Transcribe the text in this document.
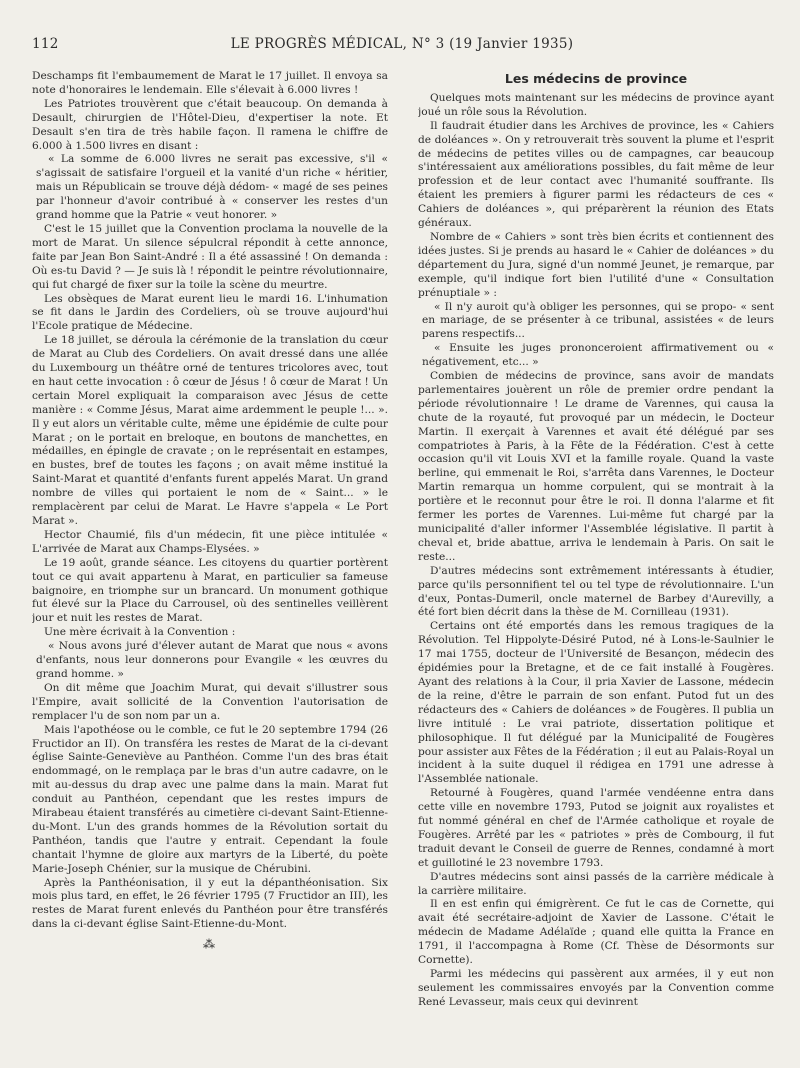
112	LE PROGRÈS MÉDICAL, N° 3 (19 Janvier 1935)

Deschamps fit l'embaumement de Marat le 17 juillet. Il envoya sa note d'honoraires le lendemain. Elle s'élevait à 6.000 livres !

Les Patriotes trouvèrent que c'était beaucoup. On demanda à Desault, chirurgien de l'Hôtel-Dieu, d'expertiser la note. Et Desault s'en tira de très habile façon. Il ramena le chiffre de 6.000 à 1.500 livres en disant :

« La somme de 6.000 livres ne serait pas excessive, s'il « s'agissait de satisfaire l'orgueil et la vanité d'un riche « héritier, mais un Républicain se trouve déjà dédom- « magé de ses peines par l'honneur d'avoir contribué à « conserver les restes d'un grand homme que la Patrie « veut honorer. »

C'est le 15 juillet que la Convention proclama la nouvelle de la mort de Marat. Un silence sépulcral répondit à cette annonce, faite par Jean Bon Saint-André : Il a été assassiné ! On demanda : Où es-tu David ? — Je suis là ! répondit le peintre révolutionnaire, qui fut chargé de fixer sur la toile la scène du meurtre.

Les obsèques de Marat eurent lieu le mardi 16. L'inhumation se fit dans le Jardin des Cordeliers, où se trouve aujourd'hui l'Ecole pratique de Médecine.

Le 18 juillet, se déroula la cérémonie de la translation du cœur de Marat au Club des Cordeliers. On avait dressé dans une allée du Luxembourg un théâtre orné de tentures tricolores avec, tout en haut cette invocation : ô cœur de Jésus ! ô cœur de Marat ! Un certain Morel expliquait la comparaison avec Jésus de cette manière : « Comme Jésus, Marat aime ardemment le peuple !... ». Il y eut alors un véritable culte, même une épidémie de culte pour Marat ; on le portait en breloque, en boutons de manchettes, en médailles, en épingle de cravate ; on le représentait en estampes, en bustes, bref de toutes les façons ; on avait même institué la Saint-Marat et quantité d'enfants furent appelés Marat. Un grand nombre de villes qui portaient le nom de « Saint... » le remplacèrent par celui de Marat. Le Havre s'appela « Le Port Marat ».

Hector Chaumié, fils d'un médecin, fit une pièce intitulée « L'arrivée de Marat aux Champs-Elysées. »

Le 19 août, grande séance. Les citoyens du quartier portèrent tout ce qui avait appartenu à Marat, en particulier sa fameuse baignoire, en triomphe sur un brancard. Un monument gothique fut élevé sur la Place du Carrousel, où des sentinelles veillèrent jour et nuit les restes de Marat.

Une mère écrivait à la Convention :

« Nous avons juré d'élever autant de Marat que nous « avons d'enfants, nous leur donnerons pour Evangile « les œuvres du grand homme. »

On dit même que Joachim Murat, qui devait s'illustrer sous l'Empire, avait sollicité de la Convention l'autorisation de remplacer l'u de son nom par un a.

Mais l'apothéose ou le comble, ce fut le 20 septembre 1794 (26 Fructidor an II). On transféra les restes de Marat de la ci-devant église Sainte-Geneviève au Panthéon. Comme l'un des bras était endommagé, on le remplaça par le bras d'un autre cadavre, on le mit au-dessus du drap avec une palme dans la main. Marat fut conduit au Panthéon, cependant que les restes impurs de Mirabeau étaient transférés au cimetière ci-devant Saint-Etienne-du-Mont. L'un des grands hommes de la Révolution sortait du Panthéon, tandis que l'autre y entrait. Cependant la foule chantait l'hymne de gloire aux martyrs de la Liberté, du poète Marie-Joseph Chénier, sur la musique de Chérubini.

Après la Panthéonisation, il y eut la dépanthéonisation. Six mois plus tard, en effet, le 26 février 1795 (7 Fructidor an III), les restes de Marat furent enlevés du Panthéon pour être transférés dans la ci-devant église Saint-Etienne-du-Mont.

⁂
Les médecins de province

Quelques mots maintenant sur les médecins de province ayant joué un rôle sous la Révolution.

Il faudrait étudier dans les Archives de province, les « Cahiers de doléances ». On y retrouverait très souvent la plume et l'esprit de médecins de petites villes ou de campagnes, car beaucoup s'intéressaient aux améliorations possibles, du fait même de leur profession et de leur contact avec l'humanité souffrante. Ils étaient les premiers à figurer parmi les rédacteurs de ces « Cahiers de doléances », qui préparèrent la réunion des Etats généraux.

Nombre de « Cahiers » sont très bien écrits et contiennent des idées justes. Si je prends au hasard le « Cahier de doléances » du département du Jura, signé d'un nommé Jeunet, je remarque, par exemple, qu'il indique fort bien l'utilité d'une « Consultation prénuptiale » :

« Il n'y auroit qu'à obliger les personnes, qui se propo- « sent en mariage, de se présenter à ce tribunal, assistées « de leurs parens respectifs...

« Ensuite les juges prononceroient affirmativement ou « négativement, etc... »

Combien de médecins de province, sans avoir de mandats parlementaires jouèrent un rôle de premier ordre pendant la période révolutionnaire ! Le drame de Varennes, qui causa la chute de la royauté, fut provoqué par un médecin, le Docteur Martin. Il exerçait à Varennes et avait été délégué par ses compatriotes à Paris, à la Fête de la Fédération. C'est à cette occasion qu'il vit Louis XVI et la famille royale. Quand la vaste berline, qui emmenait le Roi, s'arrêta dans Varennes, le Docteur Martin remarqua un homme corpulent, qui se montrait à la portière et le reconnut pour être le roi. Il donna l'alarme et fit fermer les portes de Varennes. Lui-même fut chargé par la municipalité d'aller informer l'Assemblée législative. Il partit à cheval et, bride abattue, arriva le lendemain à Paris. On sait le reste...

D'autres médecins sont extrêmement intéressants à étudier, parce qu'ils personnifient tel ou tel type de révolutionnaire. L'un d'eux, Pontas-Dumeril, oncle maternel de Barbey d'Aurevilly, a été fort bien décrit dans la thèse de M. Cornilleau (1931).

Certains ont été emportés dans les remous tragiques de la Révolution. Tel Hippolyte-Désiré Putod, né à Lons-le-Saulnier le 17 mai 1755, docteur de l'Université de Besançon, médecin des épidémies pour la Bretagne, et de ce fait installé à Fougères. Ayant des relations à la Cour, il pria Xavier de Lassone, médecin de la reine, d'être le parrain de son enfant. Putod fut un des rédacteurs des « Cahiers de doléances » de Fougères. Il publia un livre intitulé : Le vrai patriote, dissertation politique et philosophique. Il fut délégué par la Municipalité de Fougères pour assister aux Fêtes de la Fédération ; il eut au Palais-Royal un incident à la suite duquel il rédigea en 1791 une adresse à l'Assemblée nationale.

Retourné à Fougères, quand l'armée vendéenne entra dans cette ville en novembre 1793, Putod se joignit aux royalistes et fut nommé général en chef de l'Armée catholique et royale de Fougères. Arrêté par les « patriotes » près de Combourg, il fut traduit devant le Conseil de guerre de Rennes, condamné à mort et guillotiné le 23 novembre 1793.

D'autres médecins sont ainsi passés de la carrière médicale à la carrière militaire.

Il en est enfin qui émigrèrent. Ce fut le cas de Cornette, qui avait été secrétaire-adjoint de Xavier de Lassone. C'était le médecin de Madame Adélaïde ; quand elle quitta la France en 1791, il l'accompagna à Rome (Cf. Thèse de Désormonts sur Cornette).

Parmi les médecins qui passèrent aux armées, il y eut non seulement les commissaires envoyés par la Convention comme René Levasseur, mais ceux qui devinrent
